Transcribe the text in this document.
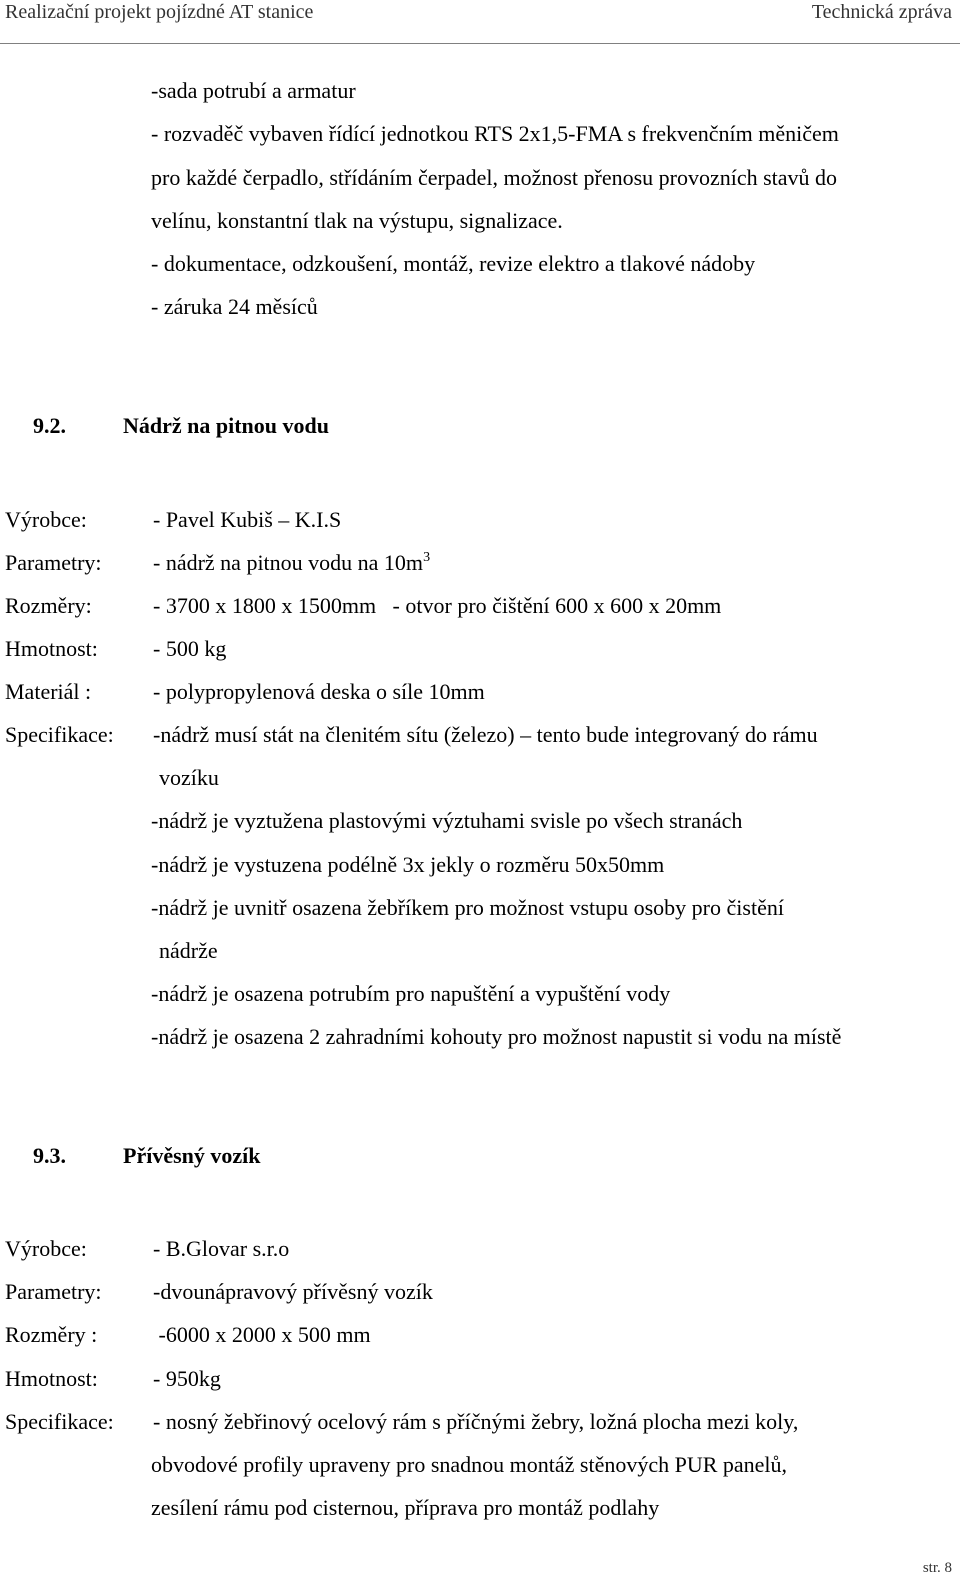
Realizační projekt pojízdné AT stanice	Technická zpráva
-sada potrubí a armatur
- rozvaděč vybaven řídící jednotkou RTS 2x1,5-FMA s frekvenčním měničem
pro každé čerpadlo, střídáním čerpadel, možnost přenosu provozních stavů do
velínu, konstantní tlak na výstupu, signalizace.
- dokumentace, odzkoušení, montáž, revize elektro a tlakové nádoby
- záruka 24 měsíců
9.2.	Nádrž na pitnou vodu
Výrobce:	- Pavel Kubiš – K.I.S
Parametry: - nádrž na pitnou vodu na $10m^3$
Rozměry:	- 3700 x 1800 x 1500mm   - otvor pro čištění 600 x 600 x 20mm
Hmotnost:	- 500 kg
Materiál :	- polypropylenová deska o síle 10mm
Specifikace: -nádrž musí stát na členitém sítu (železo) – tento bude integrovaný do rámu
vozíku
-nádrž je vyztužena plastovými výztuhami svisle po všech stranách
-nádrž je vystuzena podélně 3x jekly o rozměru 50x50mm
-nádrž je uvnitř osazena žebříkem pro možnost vstupu osoby pro čistění
nádrže
-nádrž je osazena potrubím pro napuštění a vypuštění vody
-nádrž je osazena 2 zahradními kohouty pro možnost napustit si vodu na místě
9.3.	Přívěsný vozík
Výrobce:	- B.Glovar s.r.o
Parametry: -dvounápravový přívěsný vozík
Rozměry :	-6000 x 2000 x 500 mm
Hmotnost:	- 950kg
Specifikace: - nosný žebřinový ocelový rám s příčnými žebry, ložná plocha mezi koly,
obvodové profily upraveny pro snadnou montáž stěnových PUR panelů,
zesílení rámu pod cisternou, příprava pro montáž podlahy
str. 8
